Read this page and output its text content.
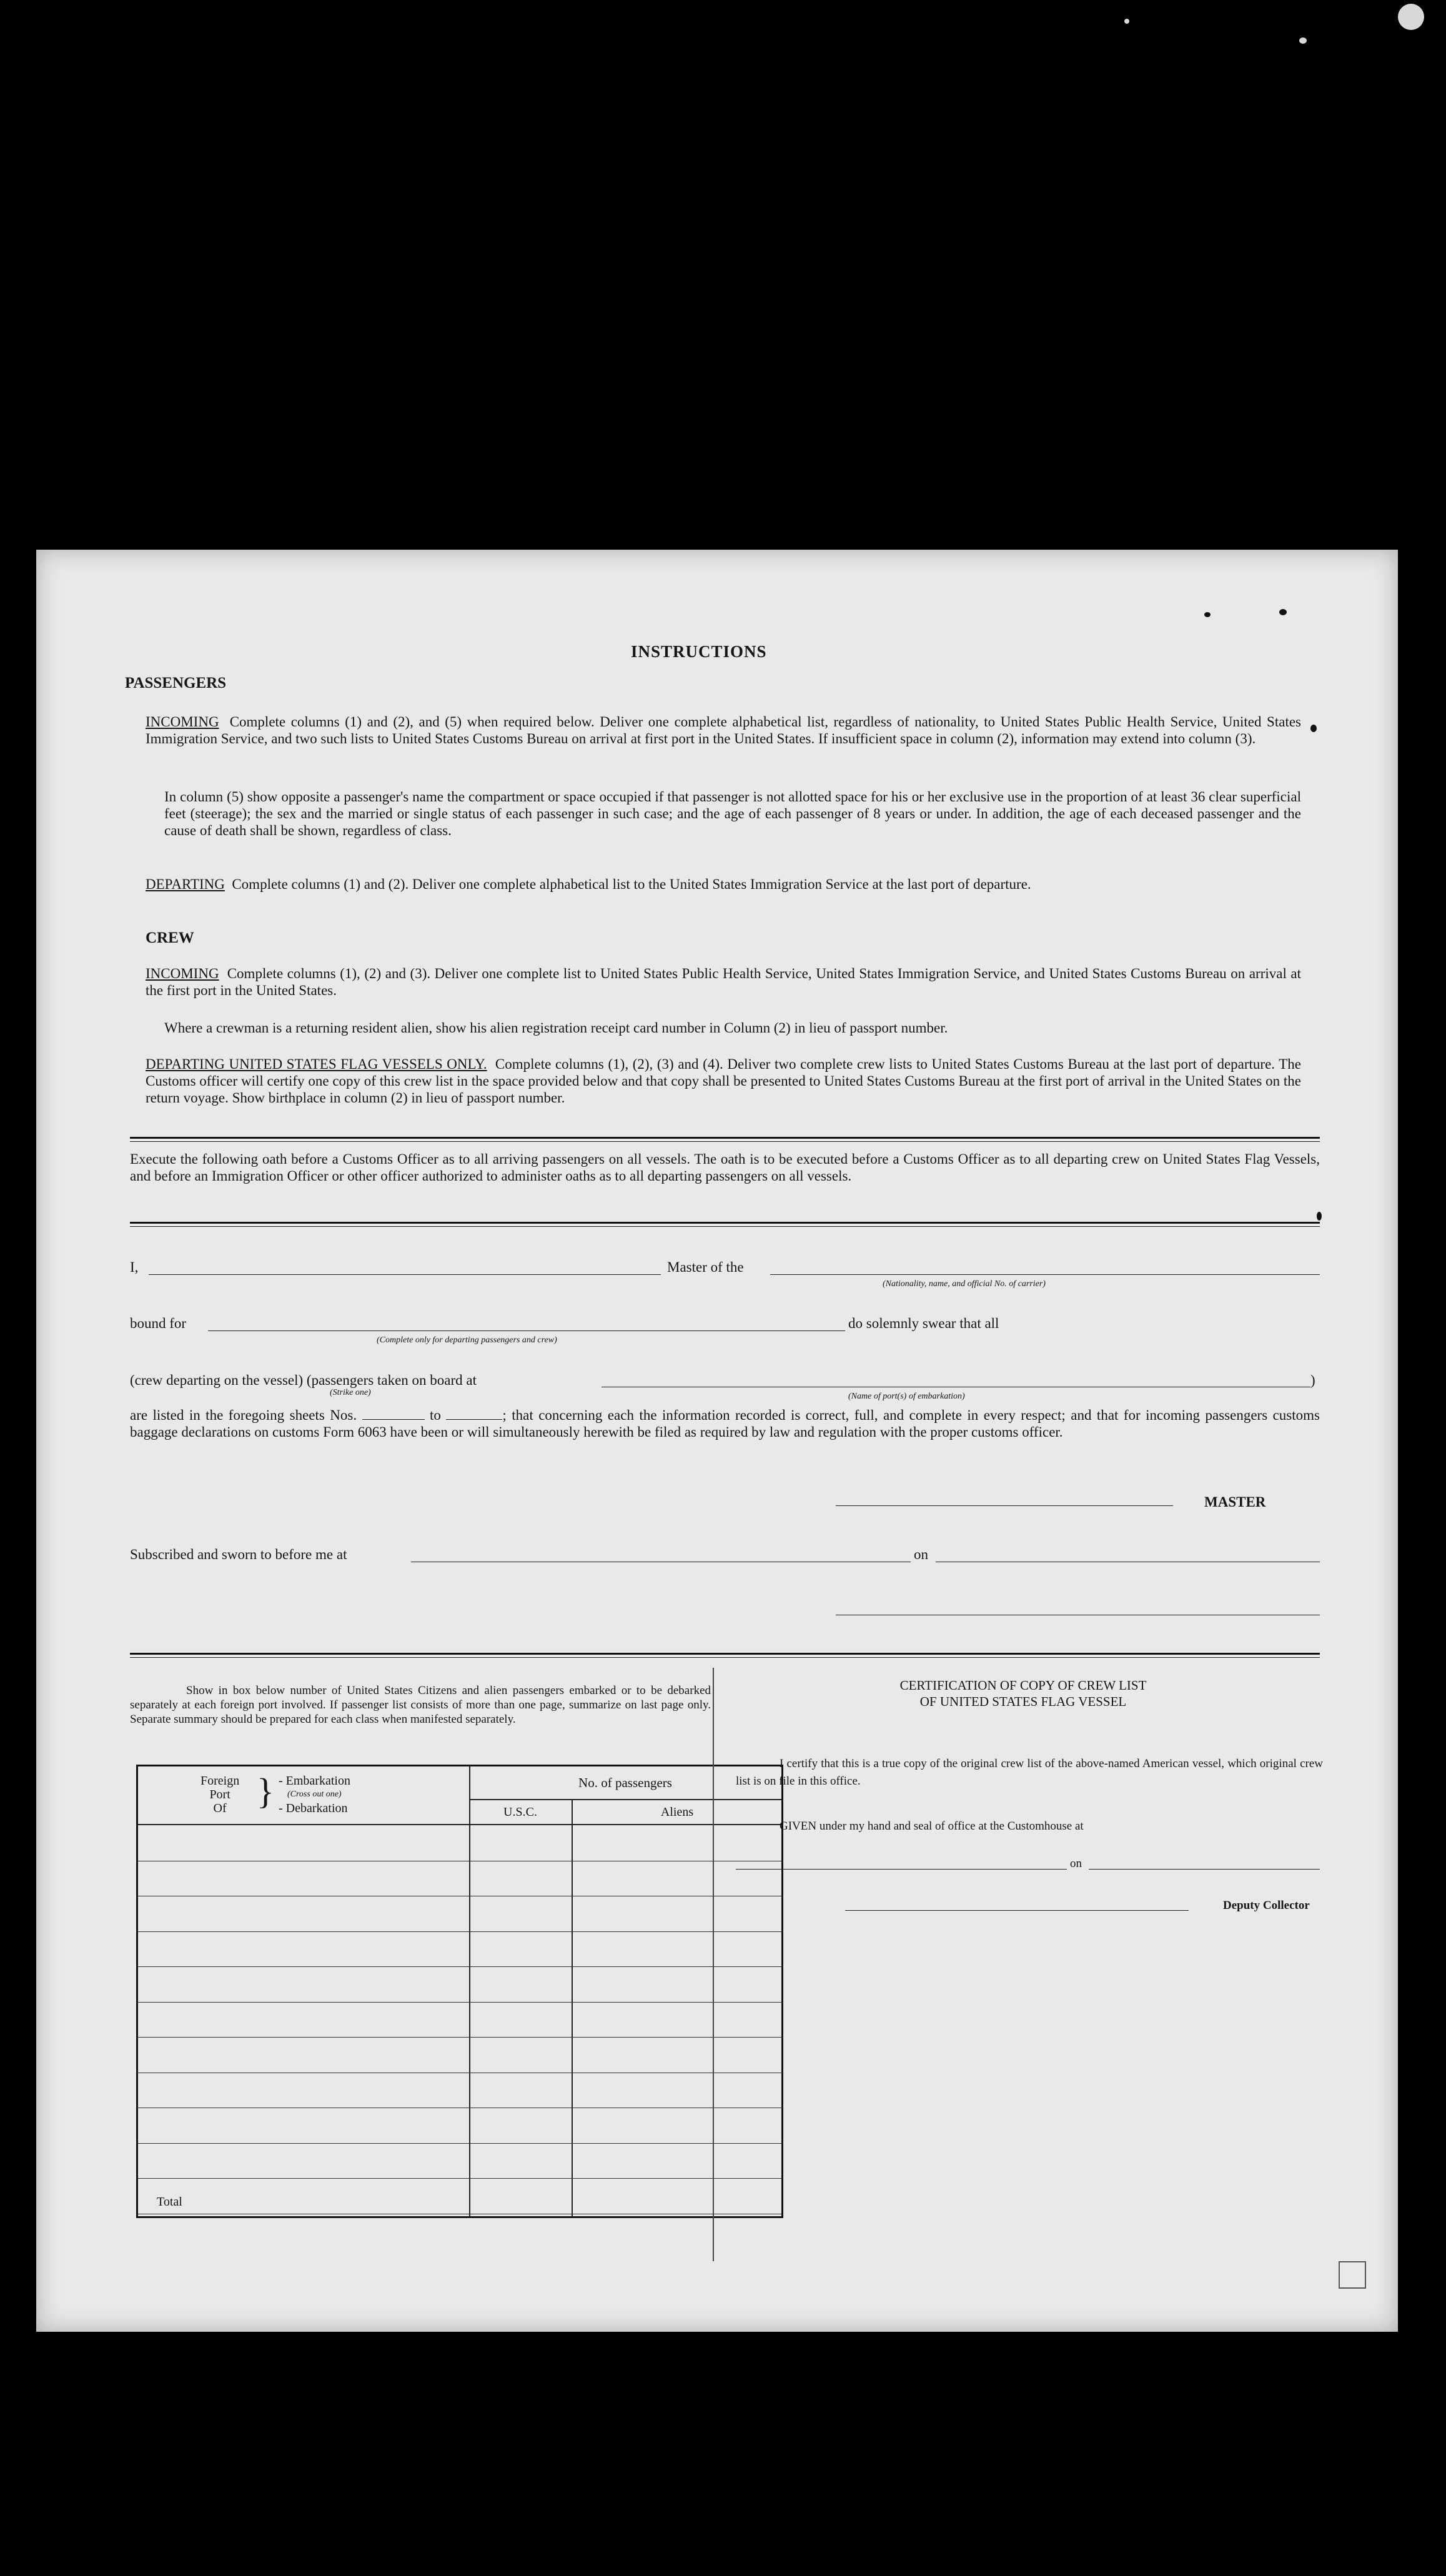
INSTRUCTIONS
PASSENGERS
INCOMING Complete columns (1) and (2), and (5) when required below. Deliver one complete alphabetical list, regardless of nationality, to United States Public Health Service, United States Immigration Service, and two such lists to United States Customs Bureau on arrival at first port in the United States. If insufficient space in column (2), information may extend into column (3).
In column (5) show opposite a passenger's name the compartment or space occupied if that passenger is not allotted space for his or her exclusive use in the proportion of at least 36 clear superficial feet (steerage); the sex and the married or single status of each passenger in such case; and the age of each passenger of 8 years or under. In addition, the age of each deceased passenger and the cause of death shall be shown, regardless of class.
DEPARTING Complete columns (1) and (2). Deliver one complete alphabetical list to the United States Immigration Service at the last port of departure.
CREW
INCOMING Complete columns (1), (2) and (3). Deliver one complete list to United States Public Health Service, United States Immigration Service, and United States Customs Bureau on arrival at the first port in the United States.
Where a crewman is a returning resident alien, show his alien registration receipt card number in Column (2) in lieu of passport number.
DEPARTING UNITED STATES FLAG VESSELS ONLY. Complete columns (1), (2), (3) and (4). Deliver two complete crew lists to United States Customs Bureau at the last port of departure. The Customs officer will certify one copy of this crew list in the space provided below and that copy shall be presented to United States Customs Bureau at the first port of arrival in the United States on the return voyage. Show birthplace in column (2) in lieu of passport number.
Execute the following oath before a Customs Officer as to all arriving passengers on all vessels. The oath is to be executed before a Customs Officer as to all departing crew on United States Flag Vessels, and before an Immigration Officer or other officer authorized to administer oaths as to all departing passengers on all vessels.
I,	Master of the
(Nationality, name, and official No. of carrier)
bound for
(Complete only for departing passengers and crew)
do solemnly swear that all
(crew departing on the vessel) (passengers taken on board at
(Strike one)	(Name of port(s) of embarkation)
)
are listed in the foregoing sheets Nos.	to	; that concerning each the information recorded is correct, full, and complete in every respect; and that for incoming passengers customs baggage declarations on customs Form 6063 have been or will simultaneously herewith be filed as required by law and regulation with the proper customs officer.
MASTER
Subscribed and sworn to before me at	on
Show in box below number of United States Citizens and alien passengers embarked or to be debarked separately at each foreign port involved. If passenger list consists of more than one page, summarize on last page only. Separate summary should be prepared for each class when manifested separately.
Foreign
Port
Of } - Embarkation
(Cross out one)
- Debarkation
No. of passengers
U.S.C.	Aliens
Total
CERTIFICATION OF COPY OF CREW LIST
OF UNITED STATES FLAG VESSEL
I certify that this is a true copy of the original crew list of the above-named American vessel, which original crew list is on file in this office.
GIVEN under my hand and seal of office at the Customhouse at
on
Deputy Collector
